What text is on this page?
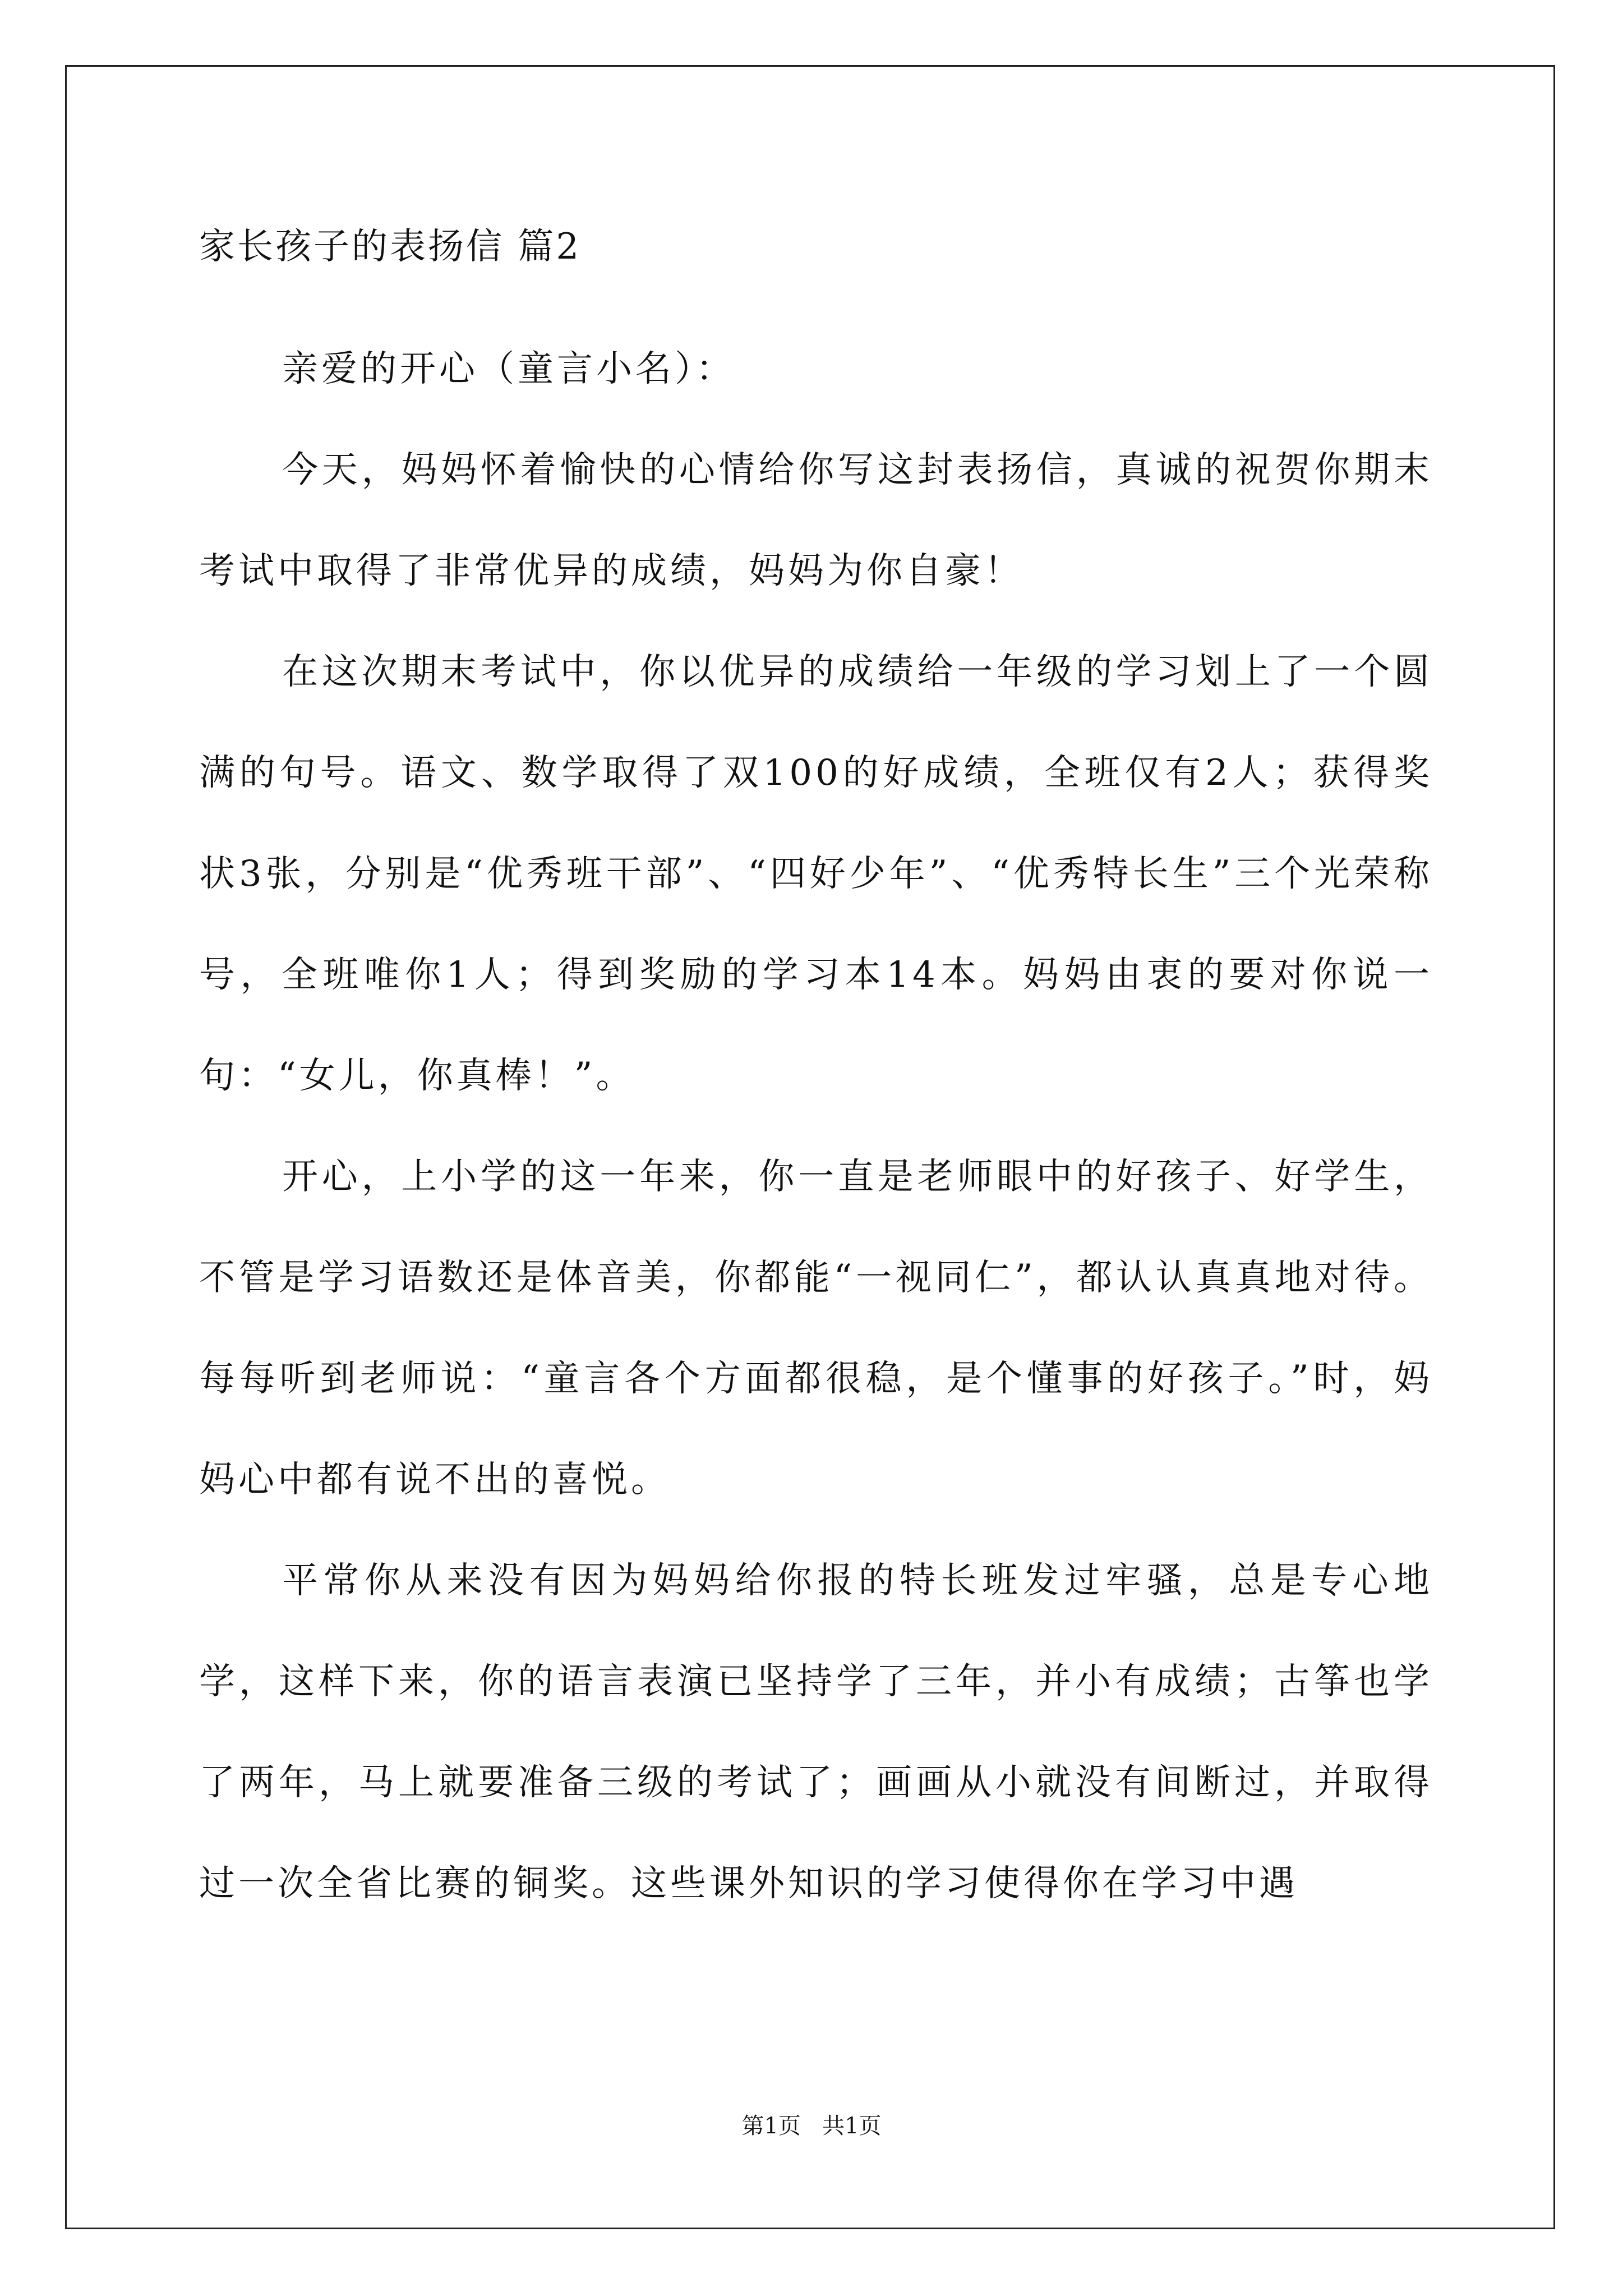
家长孩子的表扬信 篇2

亲爱的开心（童言小名）：

今天，妈妈怀着愉快的心情给你写这封表扬信，真诚的祝贺你期末考试中取得了非常优异的成绩，妈妈为你自豪！

在这次期末考试中，你以优异的成绩给一年级的学习划上了一个圆满的句号。语文、数学取得了双100的好成绩，全班仅有2人；获得奖状3张，分别是“优秀班干部”、“四好少年”、“优秀特长生”三个光荣称号，全班唯你1人；得到奖励的学习本14本。妈妈由衷的要对你说一句：“女儿，你真棒！”。

开心，上小学的这一年来，你一直是老师眼中的好孩子、好学生，不管是学习语数还是体音美，你都能“一视同仁”，都认认真真地对待。每每听到老师说：“童言各个方面都很稳，是个懂事的好孩子。”时，妈妈心中都有说不出的喜悦。

平常你从来没有因为妈妈给你报的特长班发过牢骚，总是专心地学，这样下来，你的语言表演已坚持学了三年，并小有成绩；古筝也学了两年，马上就要准备三级的考试了；画画从小就没有间断过，并取得过一次全省比赛的铜奖。这些课外知识的学习使得你在学习中遇

第1页   共1页
